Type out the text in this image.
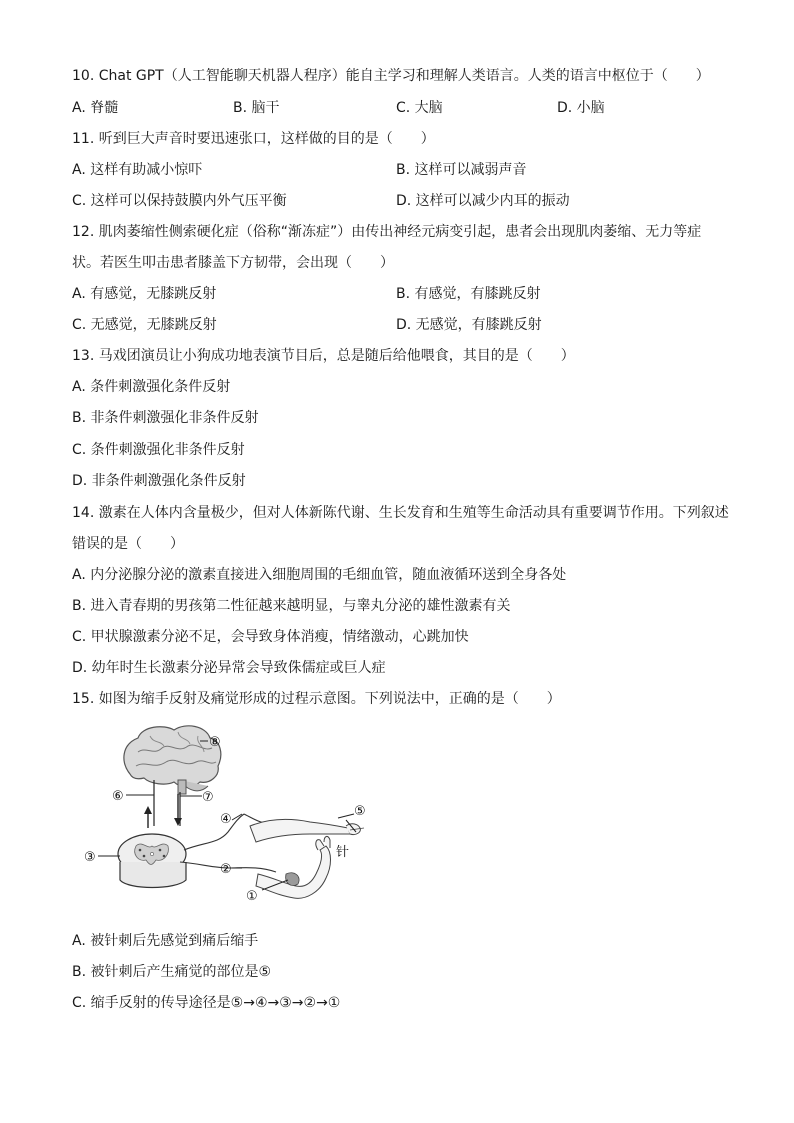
10. Chat GPT（人工智能聊天机器人程序）能自主学习和理解人类语言。人类的语言中枢位于（　　）
A. 脊髓	B. 脑干	C. 大脑	D. 小脑
11. 听到巨大声音时要迅速张口，这样做的目的是（　　）
A. 这样有助减小惊吓	B. 这样可以减弱声音
C. 这样可以保持鼓膜内外气压平衡	D. 这样可以减少内耳的振动
12. 肌肉萎缩性侧索硬化症（俗称“渐冻症”）由传出神经元病变引起，患者会出现肌肉萎缩、无力等症
状。若医生叩击患者膝盖下方韧带，会出现（　　）
A. 有感觉，无膝跳反射	B. 有感觉，有膝跳反射
C. 无感觉，无膝跳反射	D. 无感觉，有膝跳反射
13. 马戏团演员让小狗成功地表演节目后，总是随后给他喂食，其目的是（　　）
A. 条件刺激强化条件反射
B. 非条件刺激强化非条件反射
C. 条件刺激强化非条件反射
D. 非条件刺激强化条件反射
14. 激素在人体内含量极少，但对人体新陈代谢、生长发育和生殖等生命活动具有重要调节作用。下列叙述
错误的是（　　）
A. 内分泌腺分泌的激素直接进入细胞周围的毛细血管，随血液循环送到全身各处
B. 进入青春期的男孩第二性征越来越明显，与睾丸分泌的雄性激素有关
C. 甲状腺激素分泌不足，会导致身体消瘦，情绪激动，心跳加快
D. 幼年时生长激素分泌异常会导致侏儒症或巨人症
15. 如图为缩手反射及痛觉形成的过程示意图。下列说法中，正确的是（　　）
⑧
⑥	⑦
④
⑤
针
③
②
①
A. 被针刺后先感觉到痛后缩手
B. 被针刺后产生痛觉的部位是⑤
C. 缩手反射的传导途径是⑤→④→③→②→①
